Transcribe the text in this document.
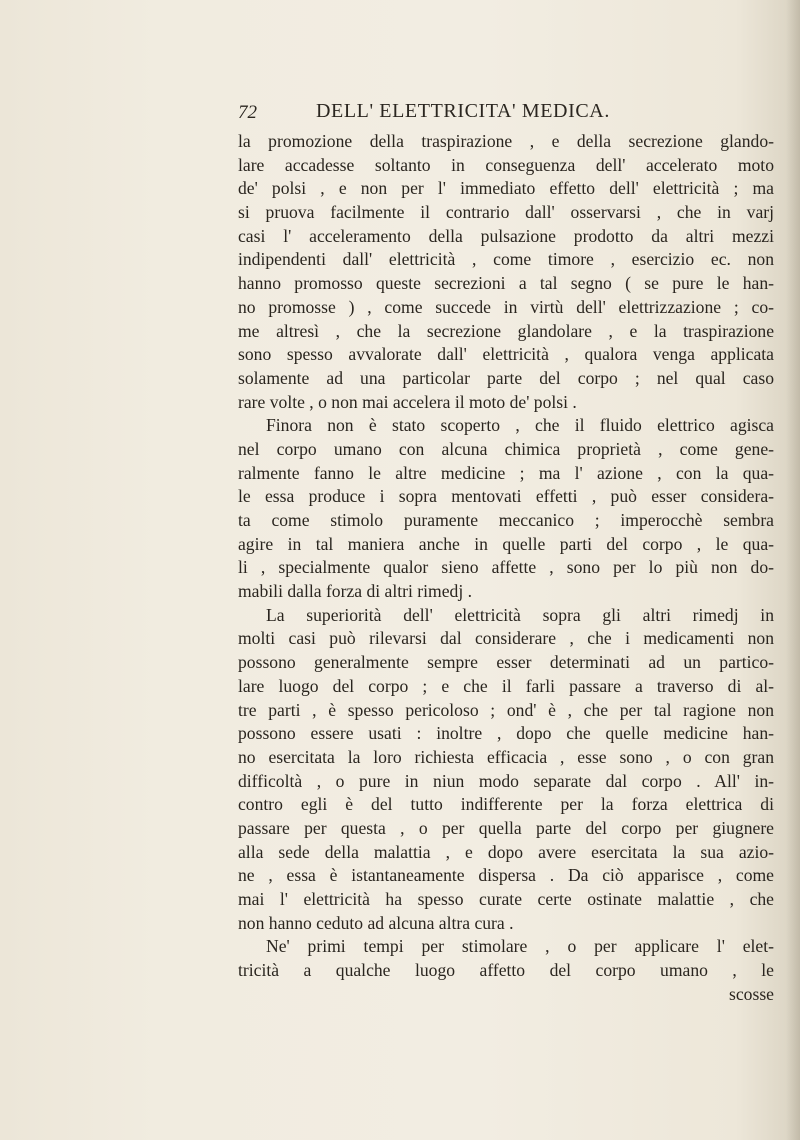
72	DELL' ELETTRICITA' MEDICA.
la promozione della traspirazione , e della secrezione glando-
lare accadesse soltanto in conseguenza dell' accelerato moto
de' polsi , e non per l' immediato effetto dell' elettricità ; ma
si pruova facilmente il contrario dall' osservarsi , che in varj
casi l' acceleramento della pulsazione prodotto da altri mezzi
indipendenti dall' elettricità , come timore , esercizio ec. non
hanno promosso queste secrezioni a tal segno ( se pure le han-
no promosse ) , come succede in virtù dell' elettrizzazione ; co-
me altresì , che la secrezione glandolare , e la traspirazione
sono spesso avvalorate dall' elettricità , qualora venga applicata
solamente ad una particolar parte del corpo ; nel qual caso
rare volte , o non mai accelera il moto de' polsi .
Finora non è stato scoperto , che il fluido elettrico agisca
nel corpo umano con alcuna chimica proprietà , come gene-
ralmente fanno le altre medicine ; ma l' azione , con la qua-
le essa produce i sopra mentovati effetti , può esser considera-
ta come stimolo puramente meccanico ; imperocchè sembra
agire in tal maniera anche in quelle parti del corpo , le qua-
li , specialmente qualor sieno affette , sono per lo più non do-
mabili dalla forza di altri rimedj .
La superiorità dell' elettricità sopra gli altri rimedj in
molti casi può rilevarsi dal considerare , che i medicamenti non
possono generalmente sempre esser determinati ad un partico-
lare luogo del corpo ; e che il farli passare a traverso di al-
tre parti , è spesso pericoloso ; ond' è , che per tal ragione non
possono essere usati : inoltre , dopo che quelle medicine han-
no esercitata la loro richiesta efficacia , esse sono , o con gran
difficoltà , o pure in niun modo separate dal corpo . All' in-
contro egli è del tutto indifferente per la forza elettrica di
passare per questa , o per quella parte del corpo per giugnere
alla sede della malattia , e dopo avere esercitata la sua azio-
ne , essa è istantaneamente dispersa . Da ciò apparisce , come
mai l' elettricità ha spesso curate certe ostinate malattie , che
non hanno ceduto ad alcuna altra cura .
Ne' primi tempi per stimolare , o per applicare l' elet-
tricità a qualche luogo affetto del corpo umano , le
scosse
